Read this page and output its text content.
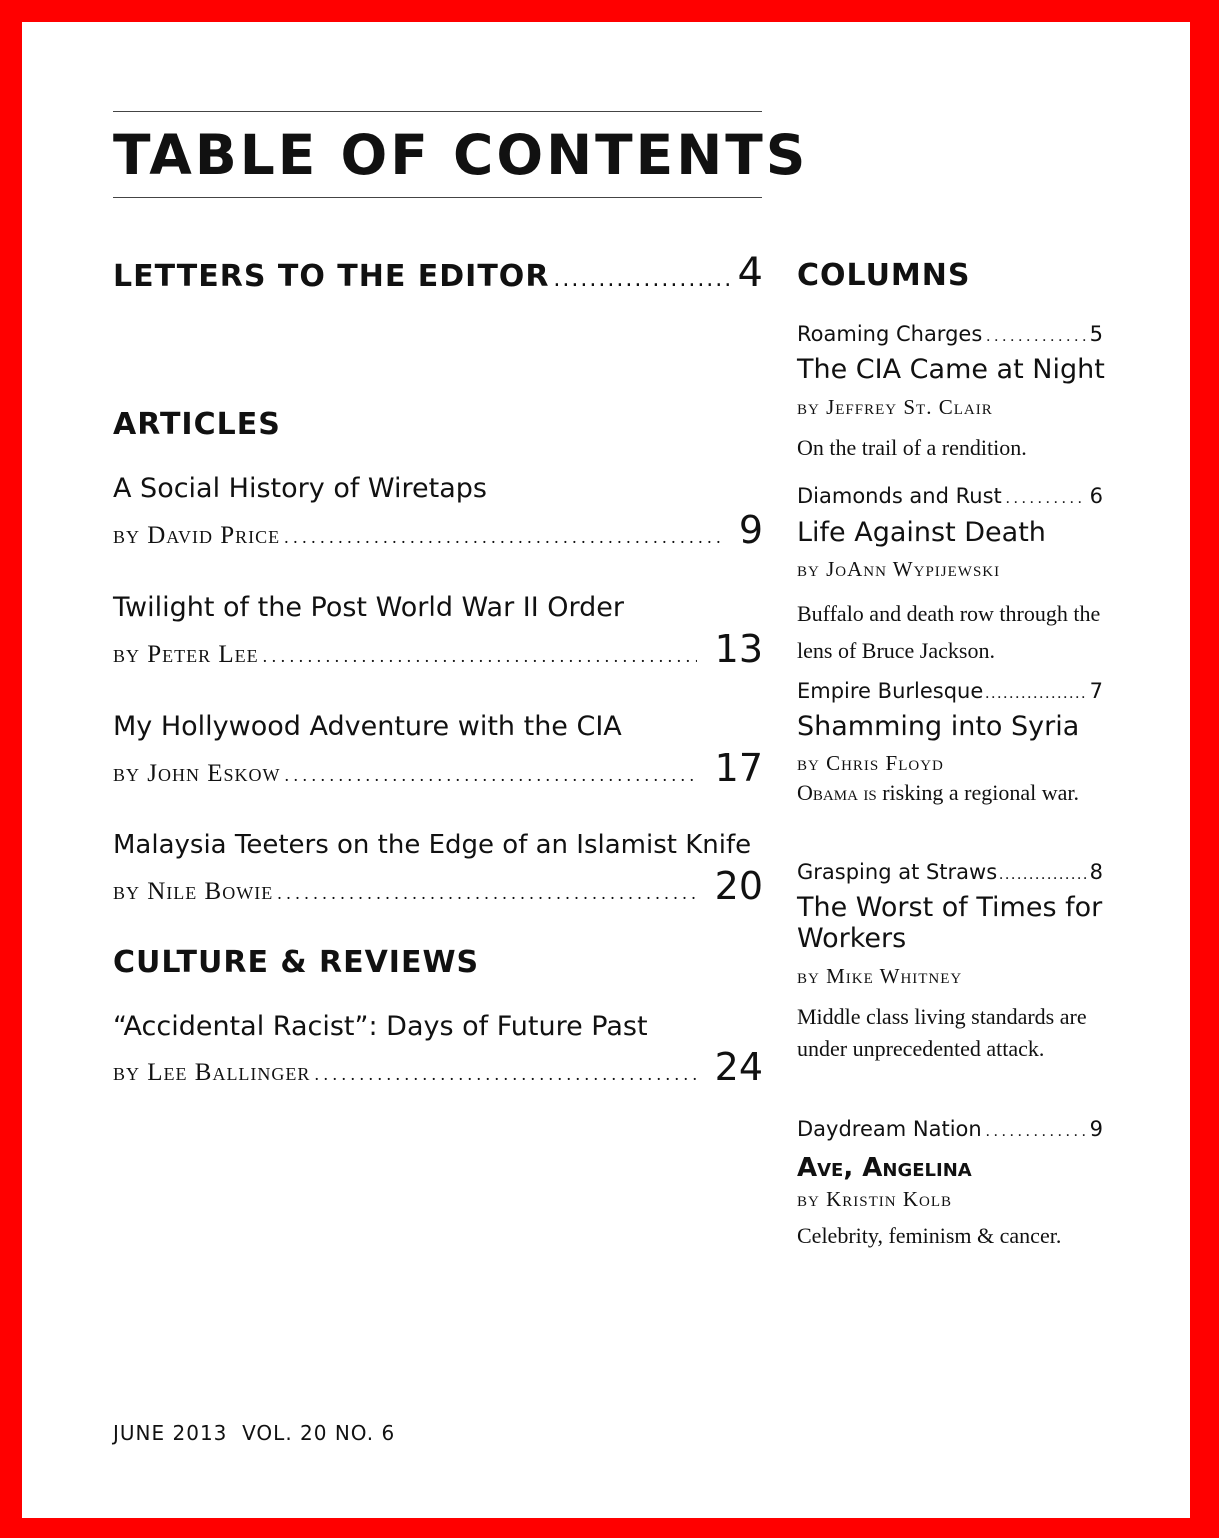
TABLE OF CONTENTS
LETTERS TO THE EDITOR .....	4
ARTICLES
A Social History of Wiretaps
by David Price . . .	9
Twilight of the Post World War II Order
by Peter Lee . . .	13
My Hollywood Adventure with the CIA
by John Eskow . . .	17
Malaysia Teeters on the Edge of an Islamist Knife
by Nile Bowie . . .	20
CULTURE & REVIEWS
“Accidental Racist”: Days of Future Past
by Lee Ballinger . . .	24
COLUMNS
Roaming Charges . . .	5
The CIA Came at Night
by Jeffrey St. Clair
On the trail of a rendition.
Diamonds and Rust . . .	6
Life Against Death
by JoAnn Wypijewski
Buffalo and death row through the lens of Bruce Jackson.
Empire Burlesque .....	7
Shamming into Syria
by Chris Floyd
Obama is risking a regional war.
Grasping at Straws .....	8
The Worst of Times for Workers
by Mike Whitney
Middle class living standards are under unprecedented attack.
Daydream Nation . . .	9
Ave, Angelina
by Kristin Kolb
Celebrity, feminism & cancer.
JUNE 2013  VOL. 20 NO. 6
